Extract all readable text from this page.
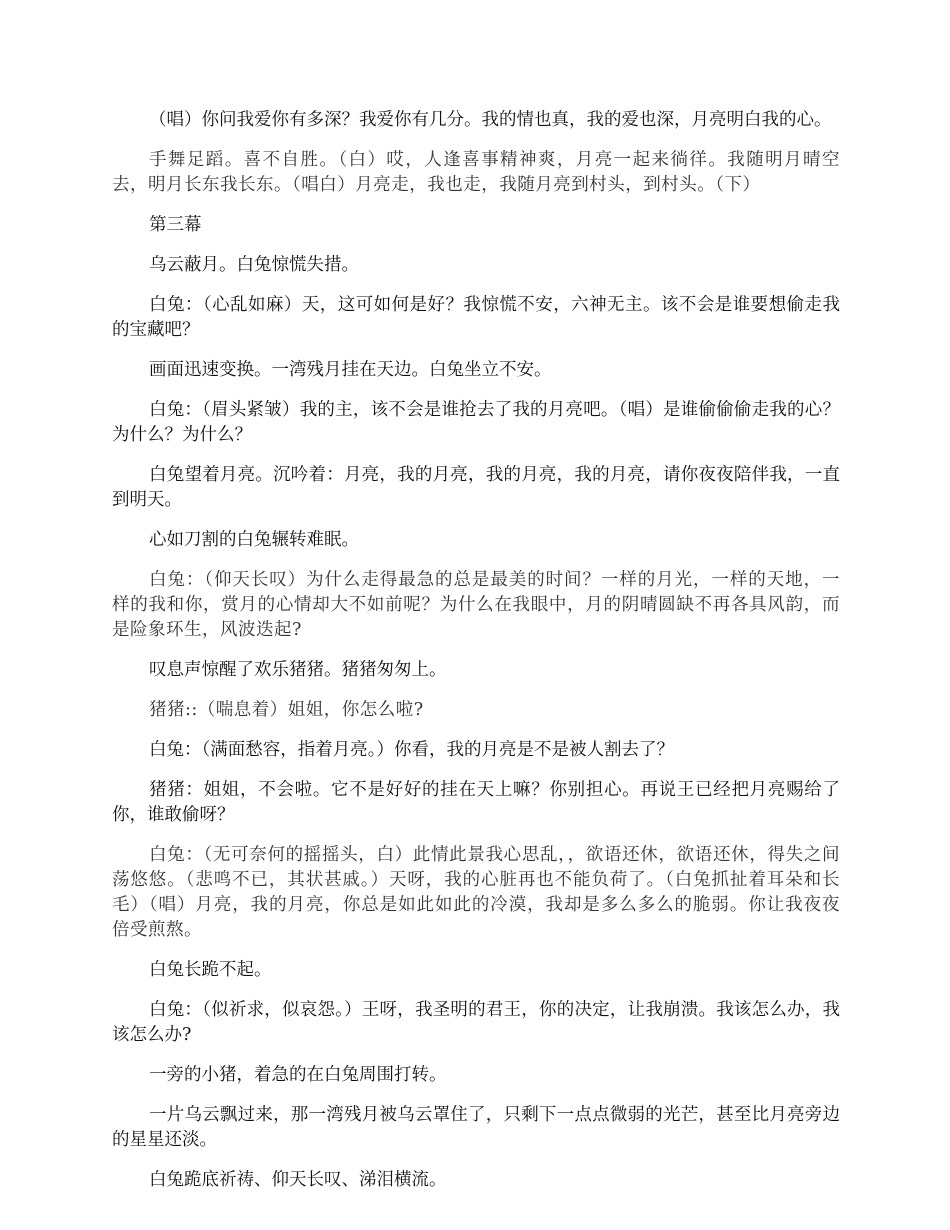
（唱）你问我爱你有多深？我爱你有几分。我的情也真，我的爱也深，月亮明白我的心。

手舞足蹈。喜不自胜。（白）哎，人逢喜事精神爽，月亮一起来徜徉。我随明月晴空去，明月长东我长东。（唱白）月亮走，我也走，我随月亮到村头，到村头。（下）

第三幕

乌云蔽月。白兔惊慌失措。

白兔：（心乱如麻）天，这可如何是好？我惊慌不安，六神无主。该不会是谁要想偷走我的宝藏吧？

画面迅速变换。一湾残月挂在天边。白兔坐立不安。

白兔：（眉头紧皱）我的主，该不会是谁抢去了我的月亮吧。（唱）是谁偷偷偷走我的心？为什么？为什么？

白兔望着月亮。沉吟着：月亮，我的月亮，我的月亮，我的月亮，请你夜夜陪伴我，一直到明天。

心如刀割的白兔辗转难眠。

白兔：（仰天长叹）为什么走得最急的总是最美的时间？一样的月光，一样的天地，一样的我和你，赏月的心情却大不如前呢？为什么在我眼中，月的阴晴圆缺不再各具风韵，而是险象环生，风波迭起?

叹息声惊醒了欢乐猪猪。猪猪匆匆上。

猪猪::（喘息着）姐姐，你怎么啦?

白兔：（满面愁容，指着月亮。）你看，我的月亮是不是被人割去了？

猪猪：姐姐，不会啦。它不是好好的挂在天上嘛？你别担心。再说王已经把月亮赐给了你，谁敢偷呀？

白兔：（无可奈何的摇摇头，白）此情此景我心思乱，，欲语还休，欲语还休，得失之间荡悠悠。（悲鸣不已，其状甚戚。）天呀，我的心脏再也不能负荷了。（白兔抓扯着耳朵和长毛）（唱）月亮，我的月亮，你总是如此如此的冷漠，我却是多么多么的脆弱。你让我夜夜倍受煎熬。

白兔长跪不起。

白兔：（似祈求，似哀怨。）王呀，我圣明的君王，你的决定，让我崩溃。我该怎么办，我该怎么办?

一旁的小猪，着急的在白兔周围打转。

一片乌云飘过来，那一湾残月被乌云罩住了，只剩下一点点微弱的光芒，甚至比月亮旁边的星星还淡。

白兔跪底祈祷、仰天长叹、涕泪横流。
